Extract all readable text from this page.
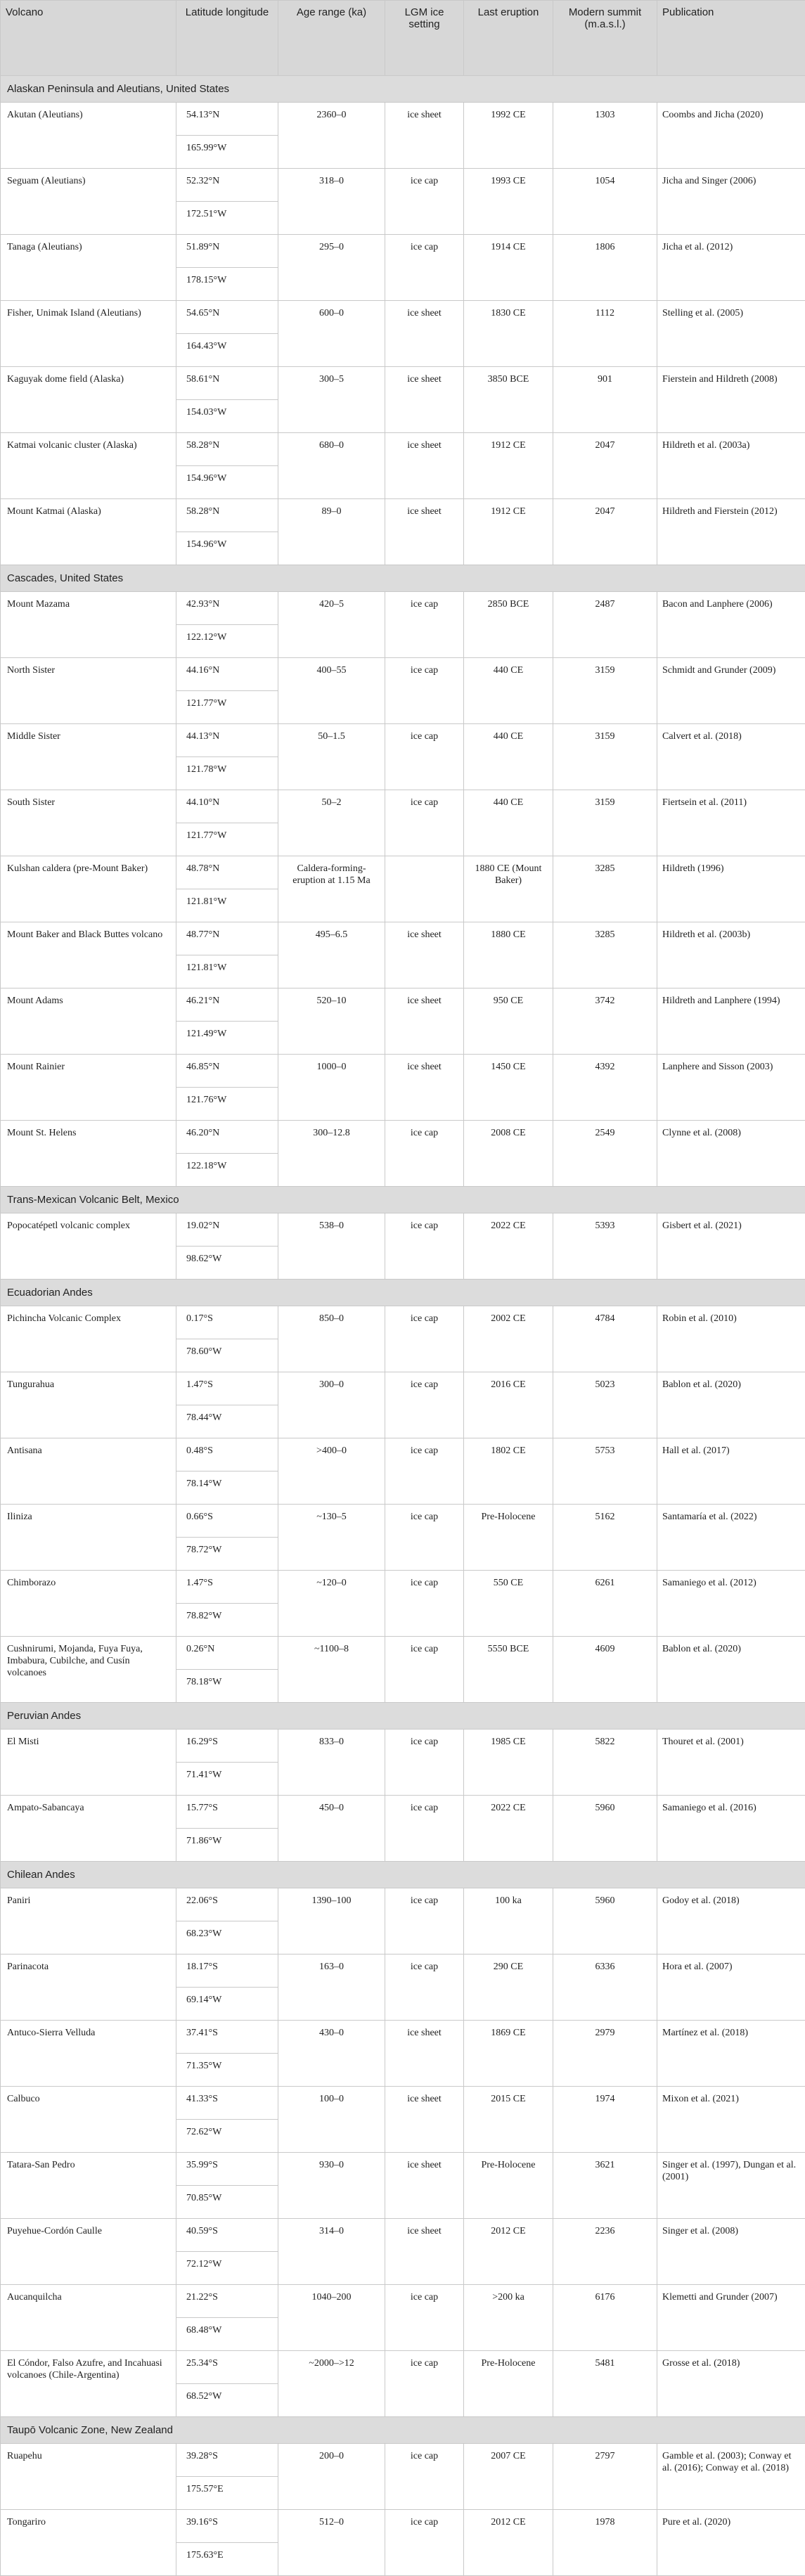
Volcano	Latitude longitude	Age range (ka)	LGM ice setting	Last eruption	Modern summit (m.a.s.l.)	Publication
Alaskan Peninsula and Aleutians, United States						
Akutan (Aleutians)	54.13°N	2360–0	ice sheet	1992 CE	1303	Coombs and Jicha (2020)
	165.99°W					
Seguam (Aleutians)	52.32°N	318–0	ice cap	1993 CE	1054	Jicha and Singer (2006)
	172.51°W					
Tanaga (Aleutians)	51.89°N	295–0	ice cap	1914 CE	1806	Jicha et al. (2012)
	178.15°W					
Fisher, Unimak Island (Aleutians)	54.65°N	600–0	ice sheet	1830 CE	1112	Stelling et al. (2005)
	164.43°W					
Kaguyak dome field (Alaska)	58.61°N	300–5	ice sheet	3850 BCE	901	Fierstein and Hildreth (2008)
	154.03°W					
Katmai volcanic cluster (Alaska)	58.28°N	680–0	ice sheet	1912 CE	2047	Hildreth et al. (2003a)
	154.96°W					
Mount Katmai (Alaska)	58.28°N	89–0	ice sheet	1912 CE	2047	Hildreth and Fierstein (2012)
	154.96°W					
Cascades, United States						
Mount Mazama	42.93°N	420–5	ice cap	2850 BCE	2487	Bacon and Lanphere (2006)
	122.12°W					
North Sister	44.16°N	400–55	ice cap	440 CE	3159	Schmidt and Grunder (2009)
	121.77°W					
Middle Sister	44.13°N	50–1.5	ice cap	440 CE	3159	Calvert et al. (2018)
	121.78°W					
South Sister	44.10°N	50–2	ice cap	440 CE	3159	Fiertsein et al. (2011)
	121.77°W					
Kulshan caldera (pre-Mount Baker)	48.78°N	Caldera-forming-eruption at 1.15 Ma		1880 CE (Mount Baker)	3285	Hildreth (1996)
	121.81°W					
Mount Baker and Black Buttes volcano	48.77°N	495–6.5	ice sheet	1880 CE	3285	Hildreth et al. (2003b)
	121.81°W					
Mount Adams	46.21°N	520–10	ice sheet	950 CE	3742	Hildreth and Lanphere (1994)
	121.49°W					
Mount Rainier	46.85°N	1000–0	ice sheet	1450 CE	4392	Lanphere and Sisson (2003)
	121.76°W					
Mount St. Helens	46.20°N	300–12.8	ice cap	2008 CE	2549	Clynne et al. (2008)
	122.18°W					
Trans-Mexican Volcanic Belt, Mexico						
Popocatépetl volcanic complex	19.02°N	538–0	ice cap	2022 CE	5393	Gisbert et al. (2021)
	98.62°W					
Ecuadorian Andes						
Pichincha Volcanic Complex	0.17°S	850–0	ice cap	2002 CE	4784	Robin et al. (2010)
	78.60°W					
Tungurahua	1.47°S	300–0	ice cap	2016 CE	5023	Bablon et al. (2020)
	78.44°W					
Antisana	0.48°S	>400–0	ice cap	1802 CE	5753	Hall et al. (2017)
	78.14°W					
Iliniza	0.66°S	~130–5	ice cap	Pre-Holocene	5162	Santamaría et al. (2022)
	78.72°W					
Chimborazo	1.47°S	~120–0	ice cap	550 CE	6261	Samaniego et al. (2012)
	78.82°W					
Cushnirumi, Mojanda, Fuya Fuya, Imbabura, Cubilche, and Cusín volcanoes	0.26°N	~1100–8	ice cap	5550 BCE	4609	Bablon et al. (2020)
	78.18°W					
Peruvian Andes						
El Misti	16.29°S	833–0	ice cap	1985 CE	5822	Thouret et al. (2001)
	71.41°W					
Ampato-Sabancaya	15.77°S	450–0	ice cap	2022 CE	5960	Samaniego et al. (2016)
	71.86°W					
Chilean Andes						
Paniri	22.06°S	1390–100	ice cap	100 ka	5960	Godoy et al. (2018)
	68.23°W					
Parinacota	18.17°S	163–0	ice cap	290 CE	6336	Hora et al. (2007)
	69.14°W					
Antuco-Sierra Velluda	37.41°S	430–0	ice sheet	1869 CE	2979	Martínez et al. (2018)
	71.35°W					
Calbuco	41.33°S	100–0	ice sheet	2015 CE	1974	Mixon et al. (2021)
	72.62°W					
Tatara-San Pedro	35.99°S	930–0	ice sheet	Pre-Holocene	3621	Singer et al. (1997), Dungan et al. (2001)
	70.85°W					
Puyehue-Cordón Caulle	40.59°S	314–0	ice sheet	2012 CE	2236	Singer et al. (2008)
	72.12°W					
Aucanquilcha	21.22°S	1040–200	ice cap	>200 ka	6176	Klemetti and Grunder (2007)
	68.48°W					
El Cóndor, Falso Azufre, and Incahuasi volcanoes (Chile-Argentina)	25.34°S	~2000–>12	ice cap	Pre-Holocene	5481	Grosse et al. (2018)
	68.52°W					
Taupō Volcanic Zone, New Zealand						
Ruapehu	39.28°S	200–0	ice cap	2007 CE	2797	Gamble et al. (2003); Conway et al. (2016); Conway et al. (2018)
	175.57°E					
Tongariro	39.16°S	512–0	ice cap	2012 CE	1978	Pure et al. (2020)
	175.63°E					
